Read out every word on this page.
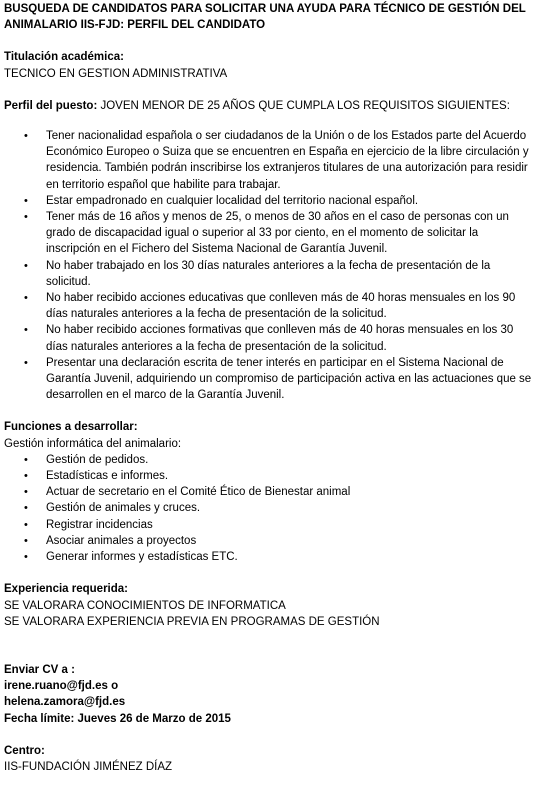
BUSQUEDA DE CANDIDATOS PARA SOLICITAR UNA AYUDA PARA TÉCNICO DE GESTIÓN DEL ANIMALARIO IIS-FJD: PERFIL DEL CANDIDATO

Titulación académica:

TECNICO EN GESTION ADMINISTRATIVA

Perfil del puesto: JOVEN MENOR DE 25 AÑOS QUE CUMPLA LOS REQUISITOS SIGUIENTES:

• Tener nacionalidad española o ser ciudadanos de la Unión o de los Estados parte del Acuerdo Económico Europeo o Suiza que se encuentren en España en ejercicio de la libre circulación y residencia. También podrán inscribirse los extranjeros titulares de una autorización para residir en territorio español que habilite para trabajar.
• Estar empadronado en cualquier localidad del territorio nacional español.
• Tener más de 16 años y menos de 25, o menos de 30 años en el caso de personas con un grado de discapacidad igual o superior al 33 por ciento, en el momento de solicitar la inscripción en el Fichero del Sistema Nacional de Garantía Juvenil.
• No haber trabajado en los 30 días naturales anteriores a la fecha de presentación de la solicitud.
• No haber recibido acciones educativas que conlleven más de 40 horas mensuales en los 90 días naturales anteriores a la fecha de presentación de la solicitud.
• No haber recibido acciones formativas que conlleven más de 40 horas mensuales en los 30 días naturales anteriores a la fecha de presentación de la solicitud.
• Presentar una declaración escrita de tener interés en participar en el Sistema Nacional de Garantía Juvenil, adquiriendo un compromiso de participación activa en las actuaciones que se desarrollen en el marco de la Garantía Juvenil.

Funciones a desarrollar:

Gestión informática del animalario:

• Gestión de pedidos.
• Estadísticas e informes.
• Actuar de secretario en el Comité Ético de Bienestar animal
• Gestión de animales y cruces.
• Registrar incidencias
• Asociar animales a proyectos
• Generar informes y estadísticas ETC.

Experiencia requerida:

SE VALORARA CONOCIMIENTOS DE INFORMATICA

SE VALORARA EXPERIENCIA PREVIA EN PROGRAMAS DE GESTIÓN

Enviar CV a :

irene.ruano@fjd.es o

helena.zamora@fjd.es

Fecha límite: Jueves 26 de Marzo de 2015

Centro:

IIS-FUNDACIÓN JIMÉNEZ DÍAZ
